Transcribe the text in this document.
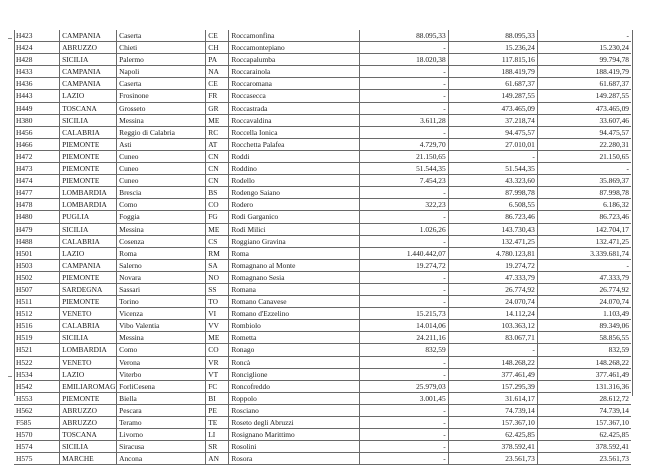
H423	CAMPANIA	Caserta	CE	Roccamonfina	88.095,33	88.095,33	-
H424	ABRUZZO	Chieti	CH	Roccamontepiano	-	15.236,24	15.230,24
H428	SICILIA	Palermo	PA	Roccapalumba	18.020,38	117.815,16	99.794,78
H433	CAMPANIA	Napoli	NA	Roccarainola	-	188.419,79	188.419,79
H436	CAMPANIA	Caserta	CE	Roccaromana	-	61.687,37	61.687,37
H443	LAZIO	Frosinone	FR	Roccasecca	-	149.287,55	149.287,55
H449	TOSCANA	Grosseto	GR	Roccastrada	-	473.465,09	473.465,09
H380	SICILIA	Messina	ME	Roccavaldina	3.611,28	37.218,74	33.607,46
H456	CALABRIA	Reggio di Calabria	RC	Roccella Ionica	-	94.475,57	94.475,57
H466	PIEMONTE	Asti	AT	Rocchetta Palafea	4.729,70	27.010,01	22.280,31
H472	PIEMONTE	Cuneo	CN	Roddi	21.150,65	-	21.150,65
H473	PIEMONTE	Cuneo	CN	Roddino	51.544,35	51.544,35	-
H474	PIEMONTE	Cuneo	CN	Rodello	7.454,23	43.323,60	35.869,37
H477	LOMBARDIA	Brescia	BS	Rodengo Saiano	-	87.998,78	87.998,78
H478	LOMBARDIA	Como	CO	Rodero	322,23	6.508,55	6.186,32
H480	PUGLIA	Foggia	FG	Rodi Garganico	-	86.723,46	86.723,46
H479	SICILIA	Messina	ME	Rodì Milici	1.026,26	143.730,43	142.704,17
H488	CALABRIA	Cosenza	CS	Roggiano Gravina	-	132.471,25	132.471,25
H501	LAZIO	Roma	RM	Roma	1.440.442,07	4.780.123,81	3.339.681,74
H503	CAMPANIA	Salerno	SA	Romagnano al Monte	19.274,72	19.274,72	-
H502	PIEMONTE	Novara	NO	Romagnano Sesia	-	47.333,79	47.333,79
H507	SARDEGNA	Sassari	SS	Romana	-	26.774,92	26.774,92
H511	PIEMONTE	Torino	TO	Romano Canavese	-	24.070,74	24.070,74
H512	VENETO	Vicenza	VI	Romano d'Ezzelino	15.215,73	14.112,24	1.103,49
H516	CALABRIA	Vibo Valentia	VV	Rombiolo	14.014,06	103.363,12	89.349,06
H519	SICILIA	Messina	ME	Rometta	24.211,16	83.067,71	58.856,55
H521	LOMBARDIA	Como	CO	Ronago	832,59	-	832,59
H522	VENETO	Verona	VR	Roncà	-	148.268,22	148.268,22
H534	LAZIO	Viterbo	VT	Ronciglione	-	377.461,49	377.461,49
H542	EMILIAROMAG	ForliCesena	FC	Roncofreddo	25.979,03	157.295,39	131.316,36
H553	PIEMONTE	Biella	BI	Roppolo	3.001,45	31.614,17	28.612,72
H562	ABRUZZO	Pescara	PE	Rosciano	-	74.739,14	74.739,14
F585	ABRUZZO	Teramo	TE	Roseto degli Abruzzi	-	157.367,10	157.367,10
H570	TOSCANA	Livorno	LI	Rosignano Marittimo	-	62.425,85	62.425,85
H574	SICILIA	Siracusa	SR	Rosolini	-	378.592,41	378.592,41
H575	MARCHE	Ancona	AN	Rosora	-	23.561,73	23.561,73
